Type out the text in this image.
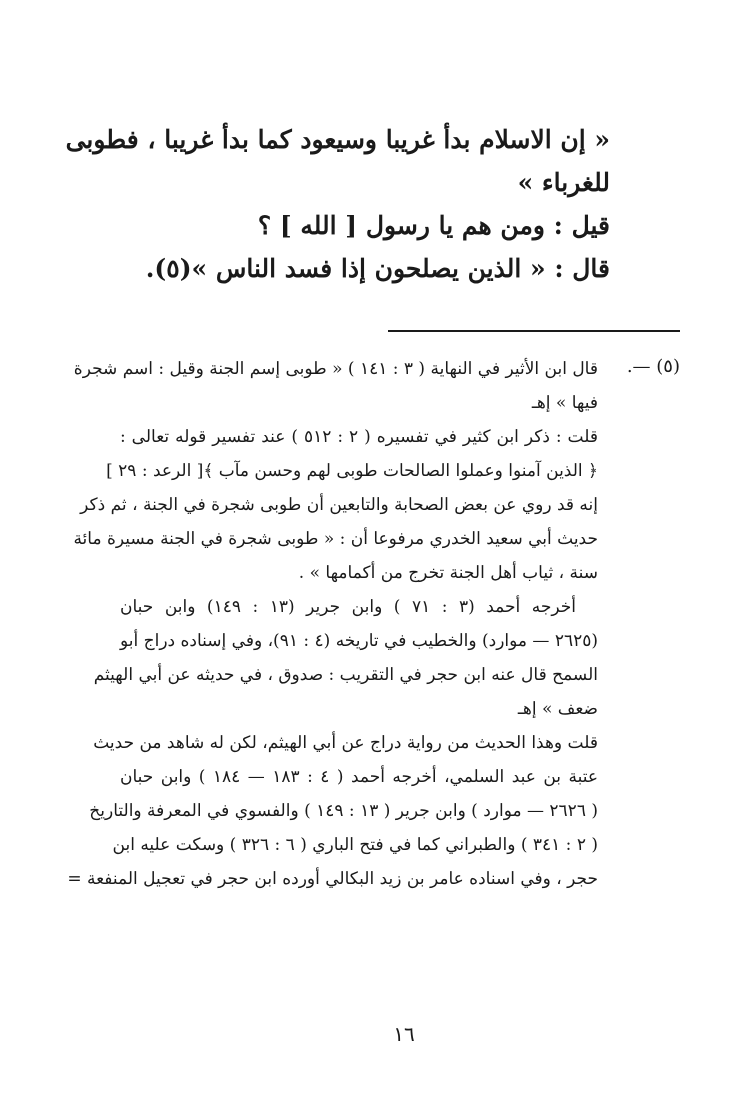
« إن الاسلام بدأ غريبا وسيعود كما بدأ غريبا ، فطوبى
للغرباء »
قيل : ومن هم يا رسول [ الله ] ؟
قال : « الذين يصلحون إذا فسد الناس »(٥).
(٥) —.
قال ابن الأثير في النهاية ( ٣ : ١٤١ ) « طوبى إسم الجنة وقيل : اسم شجرة
فيها » إهـ
قلت : ذكر ابن كثير في تفسيره ( ٢ : ٥١٢ ) عند تفسير قوله تعالى :
﴿ الذين آمنوا وعملوا الصالحات طوبى لهم وحسن مآب ﴾[ الرعد : ٢٩ ]
إنه قد روي عن بعض الصحابة والتابعين أن طوبى شجرة في الجنة ، ثم ذكر
حديث أبي سعيد الخدري مرفوعا أن : « طوبى شجرة في الجنة مسيرة مائة
سنة ، ثياب أهل الجنة تخرج من أكمامها » .
أخرجه أحمد (٣ : ٧١ ) وابن جرير (١٣ : ١٤٩) وابن حبان
(٢٦٢٥ — موارد) والخطيب في تاريخه (٤ : ٩١)، وفي إسناده دراج أبو
السمح قال عنه ابن حجر في التقريب : صدوق ، في حديثه عن أبي الهيثم
ضعف » إهـ
قلت وهذا الحديث من رواية دراج عن أبي الهيثم، لكن له شاهد من حديث
عتبة بن عبد السلمي، أخرجه أحمد ( ٤ : ١٨٣ — ١٨٤ ) وابن حبان
( ٢٦٢٦ — موارد ) وابن جرير ( ١٣ : ١٤٩ ) والفسوي في المعرفة والتاريخ
( ٢ : ٣٤١ ) والطبراني كما في فتح الباري ( ٦ : ٣٢٦ ) وسكت عليه ابن
حجر ، وفي اسناده عامر بن زيد البكالي أورده ابن حجر في تعجيل المنفعة =
١٦
